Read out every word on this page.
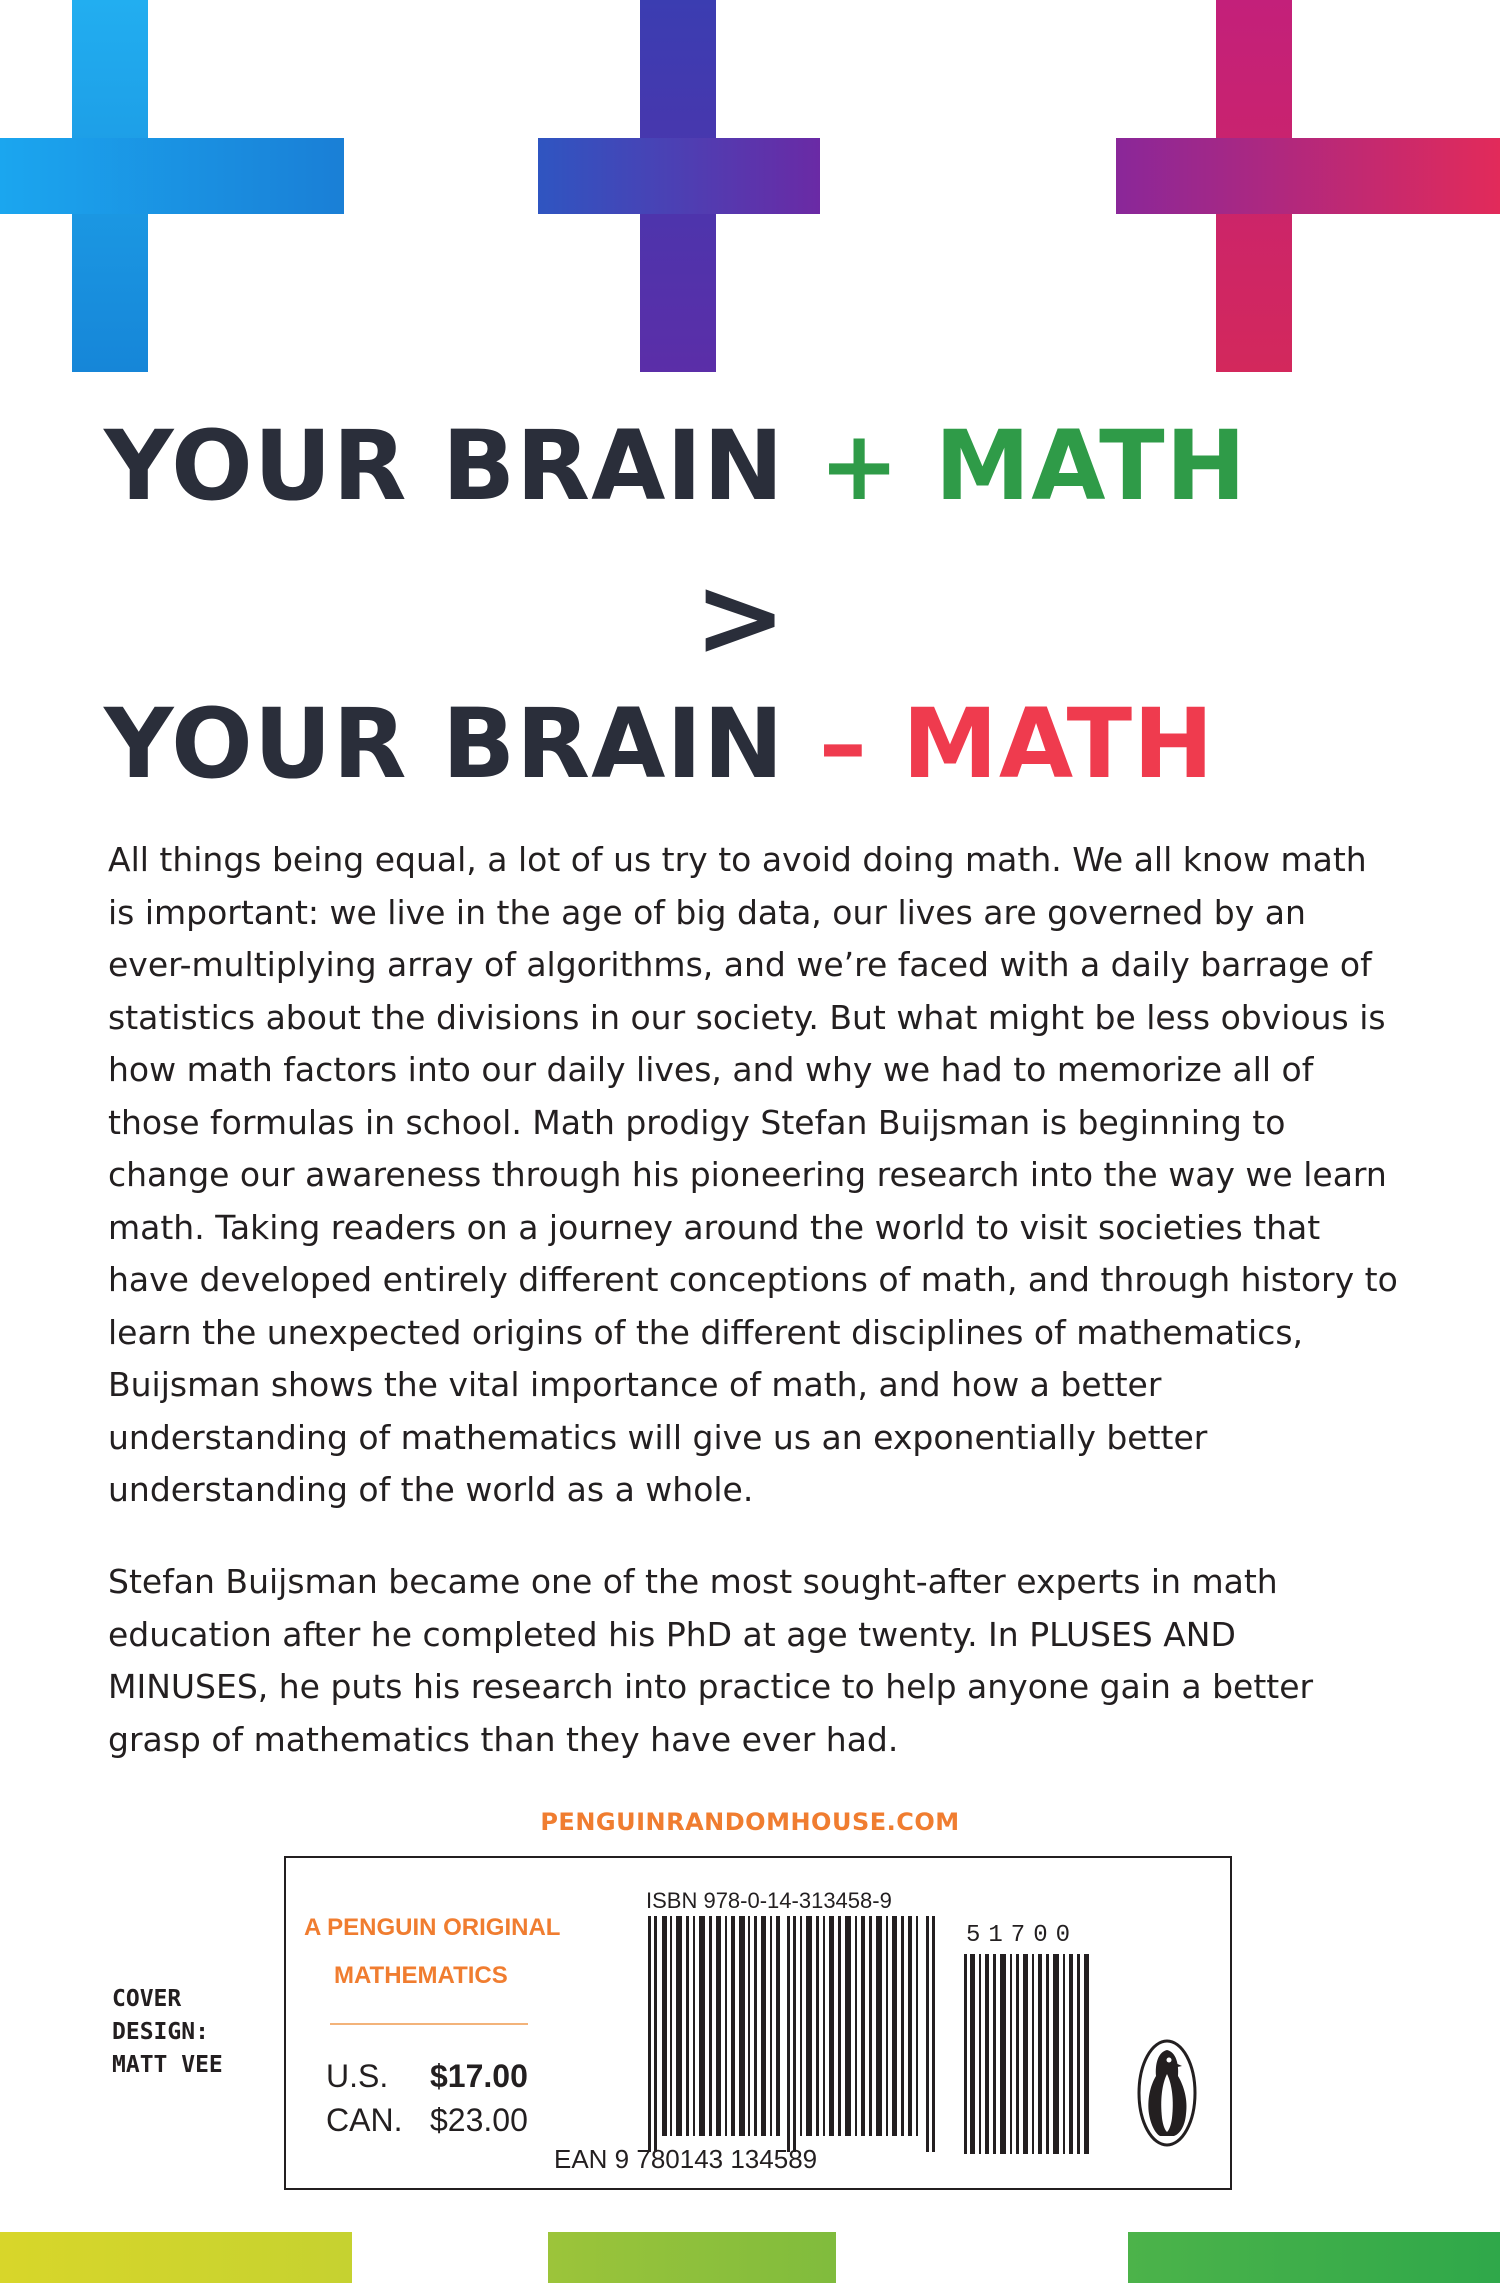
YOUR BRAIN + MATH
>
YOUR BRAIN – MATH

All things being equal, a lot of us try to avoid doing math. We all know math is important: we live in the age of big data, our lives are governed by an ever-multiplying array of algorithms, and we’re faced with a daily barrage of statistics about the divisions in our society. But what might be less obvious is how math factors into our daily lives, and why we had to memorize all of those formulas in school. Math prodigy Stefan Buijsman is beginning to change our awareness through his pioneering research into the way we learn math. Taking readers on a journey around the world to visit societies that have developed entirely different conceptions of math, and through history to learn the unexpected origins of the different disciplines of mathematics, Buijsman shows the vital importance of math, and how a better understanding of mathematics will give us an exponentially better understanding of the world as a whole.

Stefan Buijsman became one of the most sought-after experts in math education after he completed his PhD at age twenty. In PLUSES AND MINUSES, he puts his research into practice to help anyone gain a better grasp of mathematics than they have ever had.

PENGUINRANDOMHOUSE.COM
COVER
DESIGN:
MATT VEE
A PENGUIN ORIGINAL
MATHEMATICS
U.S. $17.00
CAN. $23.00
ISBN 978-0-14-313458-9
51700
EAN 9 780143 134589
